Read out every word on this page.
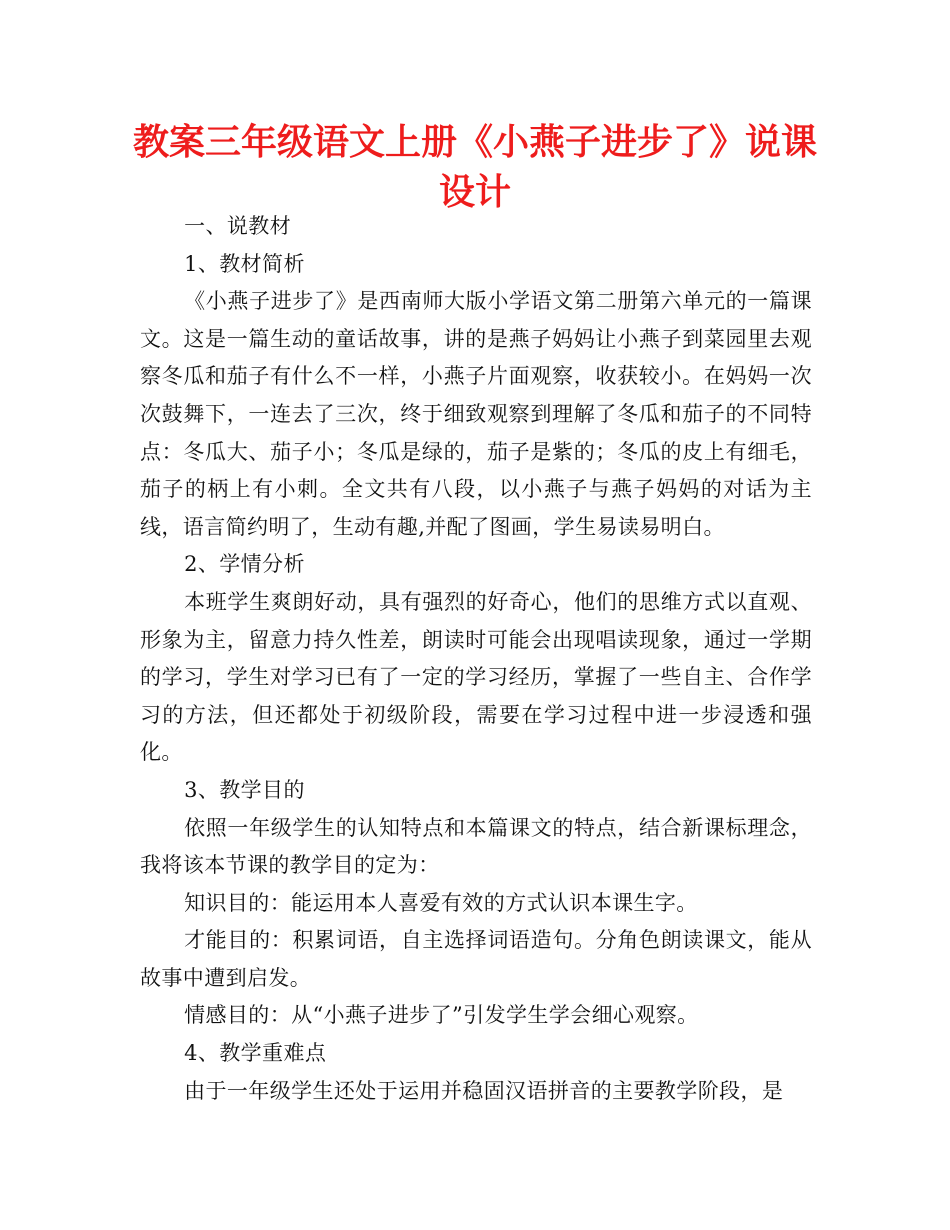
教案三年级语文上册《小燕子进步了》说课设计

一、说教材

1、教材简析

《小燕子进步了》是西南师大版小学语文第二册第六单元的一篇课文。这是一篇生动的童话故事，讲的是燕子妈妈让小燕子到菜园里去观察冬瓜和茄子有什么不一样，小燕子片面观察，收获较小。在妈妈一次次鼓舞下，一连去了三次，终于细致观察到理解了冬瓜和茄子的不同特点：冬瓜大、茄子小；冬瓜是绿的，茄子是紫的；冬瓜的皮上有细毛，茄子的柄上有小刺。全文共有八段，以小燕子与燕子妈妈的对话为主线，语言简约明了，生动有趣,并配了图画，学生易读易明白。

2、学情分析

本班学生爽朗好动，具有强烈的好奇心，他们的思维方式以直观、形象为主，留意力持久性差，朗读时可能会出现唱读现象，通过一学期的学习，学生对学习已有了一定的学习经历，掌握了一些自主、合作学习的方法，但还都处于初级阶段，需要在学习过程中进一步浸透和强化。

3、教学目的

依照一年级学生的认知特点和本篇课文的特点，结合新课标理念，我将该本节课的教学目的定为：

知识目的：能运用本人喜爱有效的方式认识本课生字。

才能目的：积累词语，自主选择词语造句。分角色朗读课文，能从故事中遭到启发。

情感目的：从“小燕子进步了”引发学生学会细心观察。

4、教学重难点

由于一年级学生还处于运用并稳固汉语拼音的主要教学阶段，是
